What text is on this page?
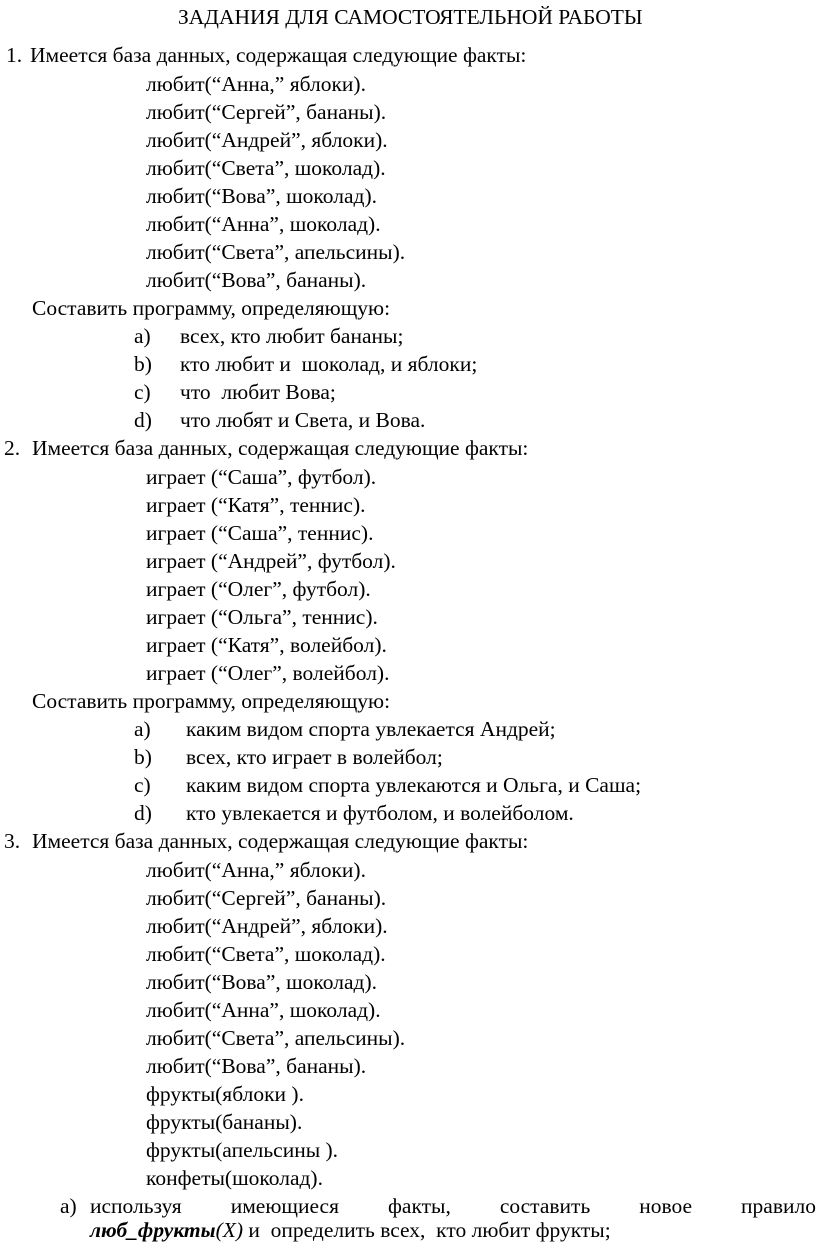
ЗАДАНИЯ ДЛЯ САМОСТОЯТЕЛЬНОЙ РАБОТЫ
1. Имеется база данных, содержащая следующие факты:
любит(“Анна,” яблоки).
любит(“Сергей”, бананы).
любит(“Андрей”, яблоки).
любит(“Света”, шоколад).
любит(“Вова”, шоколад).
любит(“Анна”, шоколад).
любит(“Света”, апельсины).
любит(“Вова”, бананы).
Составить программу, определяющую:
a) всех, кто любит бананы;
b) кто любит и  шоколад, и яблоки;
c) что  любит Вова;
d) что любят и Света, и Вова.
2. Имеется база данных, содержащая следующие факты:
играет (“Саша”, футбол).
играет (“Катя”, теннис).
играет (“Саша”, теннис).
играет (“Андрей”, футбол).
играет (“Олег”, футбол).
играет (“Ольга”, теннис).
играет (“Катя”, волейбол).
играет (“Олег”, волейбол).
Составить программу, определяющую:
a) каким видом спорта увлекается Андрей;
b) всех, кто играет в волейбол;
c) каким видом спорта увлекаются и Ольга, и Саша;
d) кто увлекается и футболом, и волейболом.
3. Имеется база данных, содержащая следующие факты:
любит(“Анна,” яблоки).
любит(“Сергей”, бананы).
любит(“Андрей”, яблоки).
любит(“Света”, шоколад).
любит(“Вова”, шоколад).
любит(“Анна”, шоколад).
любит(“Света”, апельсины).
любит(“Вова”, бананы).
фрукты(яблоки ).
фрукты(бананы).
фрукты(апельсины ).
конфеты(шоколад).
а) используя имеющиеся факты, составить новое правило
люб_фрукты(X) и  определить всех,  кто любит фрукты;
